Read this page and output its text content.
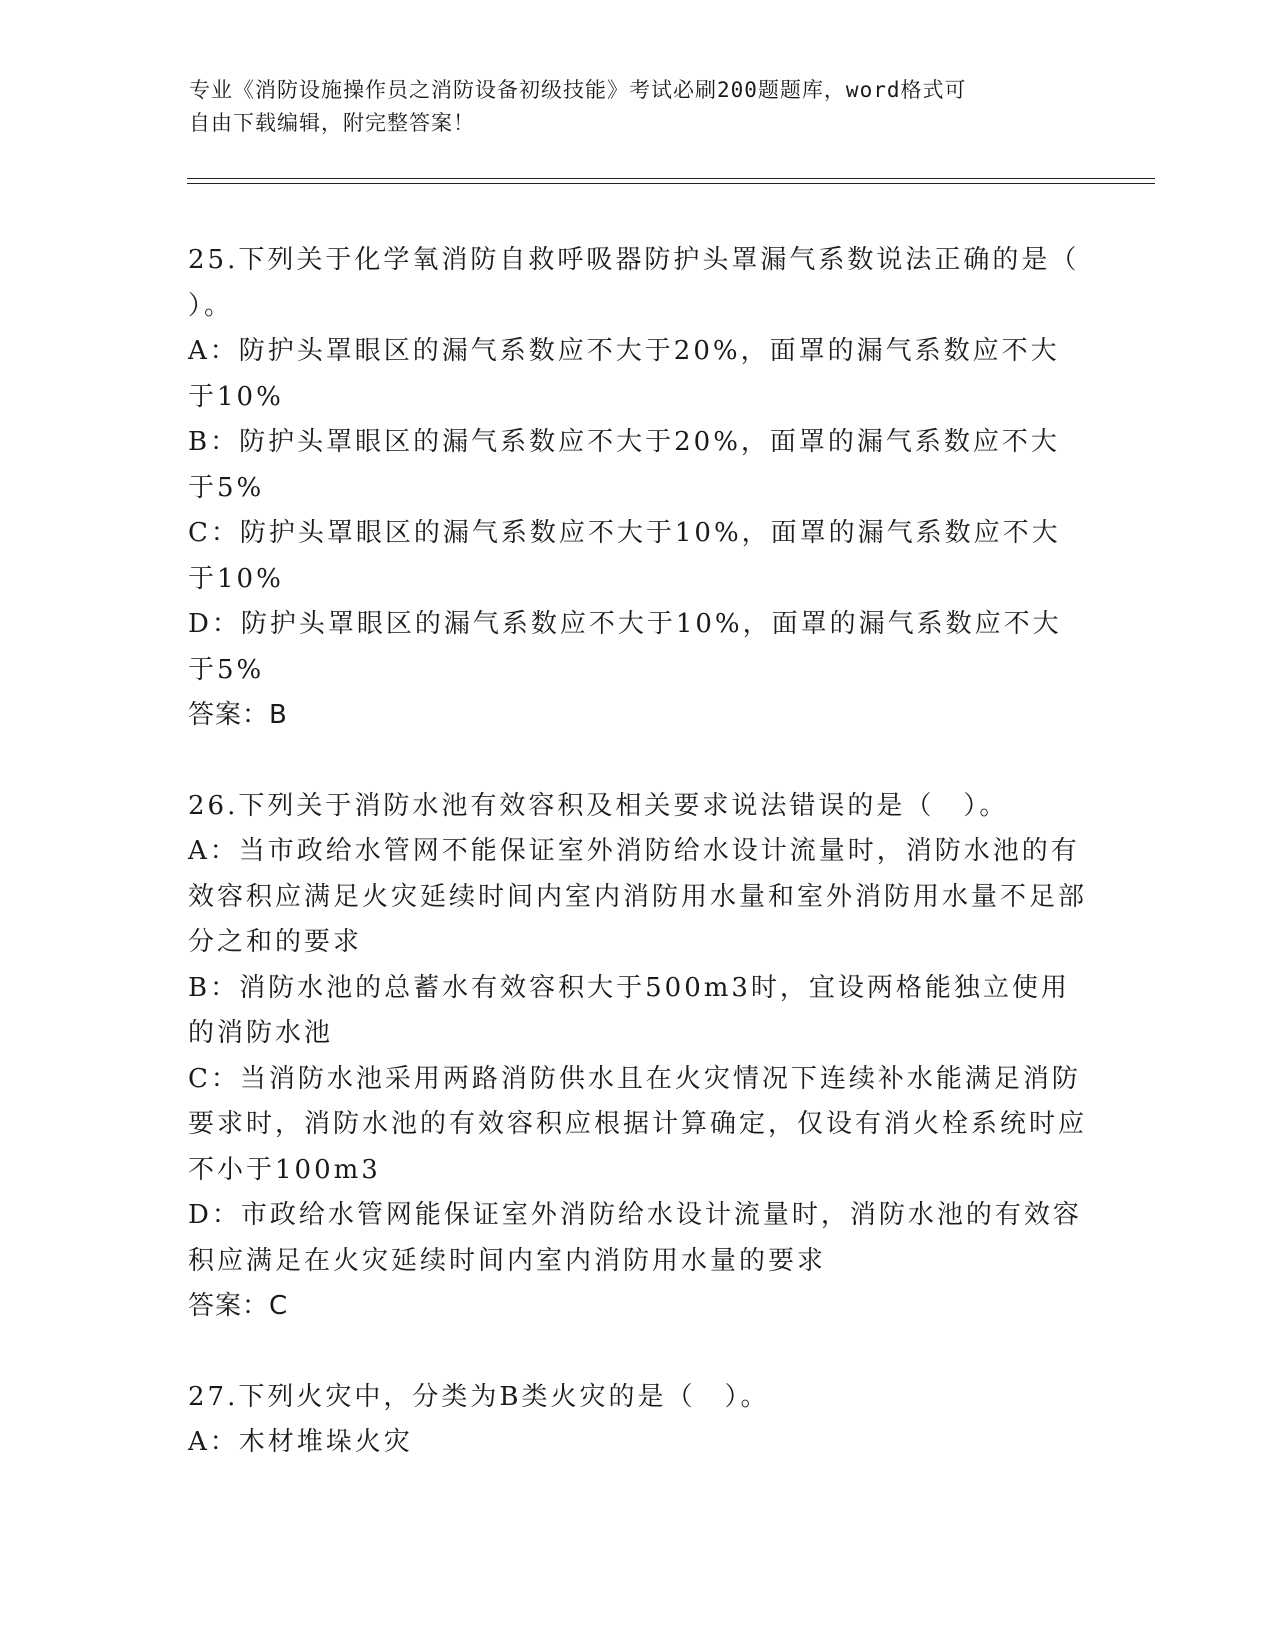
专业《消防设施操作员之消防设备初级技能》考试必刷200题题库，word格式可
自由下载编辑，附完整答案！

25.下列关于化学氧消防自救呼吸器防护头罩漏气系数说法正确的是（ ）。

A：防护头罩眼区的漏气系数应不大于20%，面罩的漏气系数应不大于10%

B：防护头罩眼区的漏气系数应不大于20%，面罩的漏气系数应不大于5%

C：防护头罩眼区的漏气系数应不大于10%，面罩的漏气系数应不大于10%

D：防护头罩眼区的漏气系数应不大于10%，面罩的漏气系数应不大于5%

答案：B

26.下列关于消防水池有效容积及相关要求说法错误的是（　）。

A：当市政给水管网不能保证室外消防给水设计流量时，消防水池的有效容积应满足火灾延续时间内室内消防用水量和室外消防用水量不足部分之和的要求

B：消防水池的总蓄水有效容积大于500m3时，宜设两格能独立使用的消防水池

C：当消防水池采用两路消防供水且在火灾情况下连续补水能满足消防要求时，消防水池的有效容积应根据计算确定，仅设有消火栓系统时应不小于100m3

D：市政给水管网能保证室外消防给水设计流量时，消防水池的有效容积应满足在火灾延续时间内室内消防用水量的要求

答案：C

27.下列火灾中，分类为B类火灾的是（　）。

A：木材堆垛火灾
